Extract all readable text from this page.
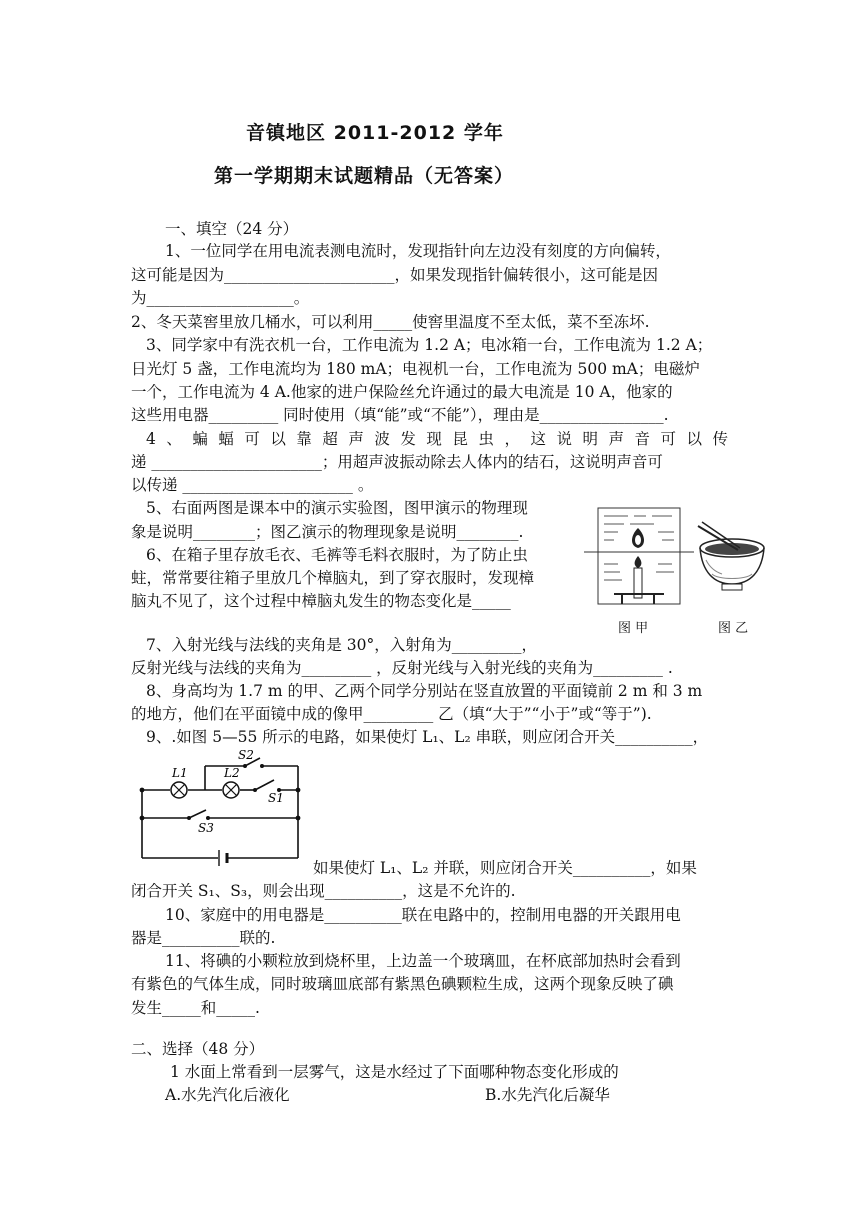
音镇地区 2011-2012 学年
第一学期期末试题精品（无答案）
一、填空（24 分）
1、一位同学在用电流表测电流时，发现指针向左边没有刻度的方向偏转，
这可能是因为______________________，如果发现指针偏转很小，这可能是因
为___________________。
2、冬天菜窖里放几桶水，可以利用_____使窖里温度不至太低，菜不至冻坏.
3、同学家中有洗衣机一台，工作电流为 1.2 A；电冰箱一台，工作电流为 1.2 A；
日光灯 5 盏，工作电流均为 180 mA；电视机一台，工作电流为 500 mA；电磁炉
一个，工作电流为 4 A.他家的进户保险丝允许通过的最大电流是 10 A，他家的
这些用电器_________ 同时使用（填“能”或“不能”），理由是________________.
4、蝙蝠可以靠超声波发现昆虫，这说明声音可以传
递 ______________________；用超声波振动除去人体内的结石，这说明声音可
以传递 ______________________ 。
5、右面两图是课本中的演示实验图，图甲演示的物理现
象是说明________；图乙演示的物理现象是说明________.
6、在箱子里存放毛衣、毛裤等毛料衣服时，为了防止虫
蛀，常常要往箱子里放几个樟脑丸，到了穿衣服时，发现樟
脑丸不见了，这个过程中樟脑丸发生的物态变化是_____
图 甲	图 乙
7、入射光线与法线的夹角是 30°，入射角为_________，
反射光线与法线的夹角为_________ ，反射光线与入射光线的夹角为_________ .
8、身高均为 1.7 m 的甲、乙两个同学分别站在竖直放置的平面镜前 2 m 和 3 m
的地方，他们在平面镜中成的像甲_________ 乙（填“大于”“小于”或“等于”).
9、.如图 5—55 所示的电路，如果使灯 L₁、L₂ 串联，则应闭合开关__________，
L1	L2
S2
S1
S3
如果使灯 L₁、L₂ 并联，则应闭合开关__________，如果
闭合开关 S₁、S₃，则会出现__________，这是不允许的.
10、家庭中的用电器是__________联在电路中的，控制用电器的开关跟用电
器是__________联的.
11、将碘的小颗粒放到烧杯里，上边盖一个玻璃皿，在杯底部加热时会看到
有紫色的气体生成，同时玻璃皿底部有紫黑色碘颗粒生成，这两个现象反映了碘
发生_____和_____.
二、选择（48 分）
1 水面上常看到一层雾气，这是水经过了下面哪种物态变化形成的
A.水先汽化后液化	B.水先汽化后凝华
